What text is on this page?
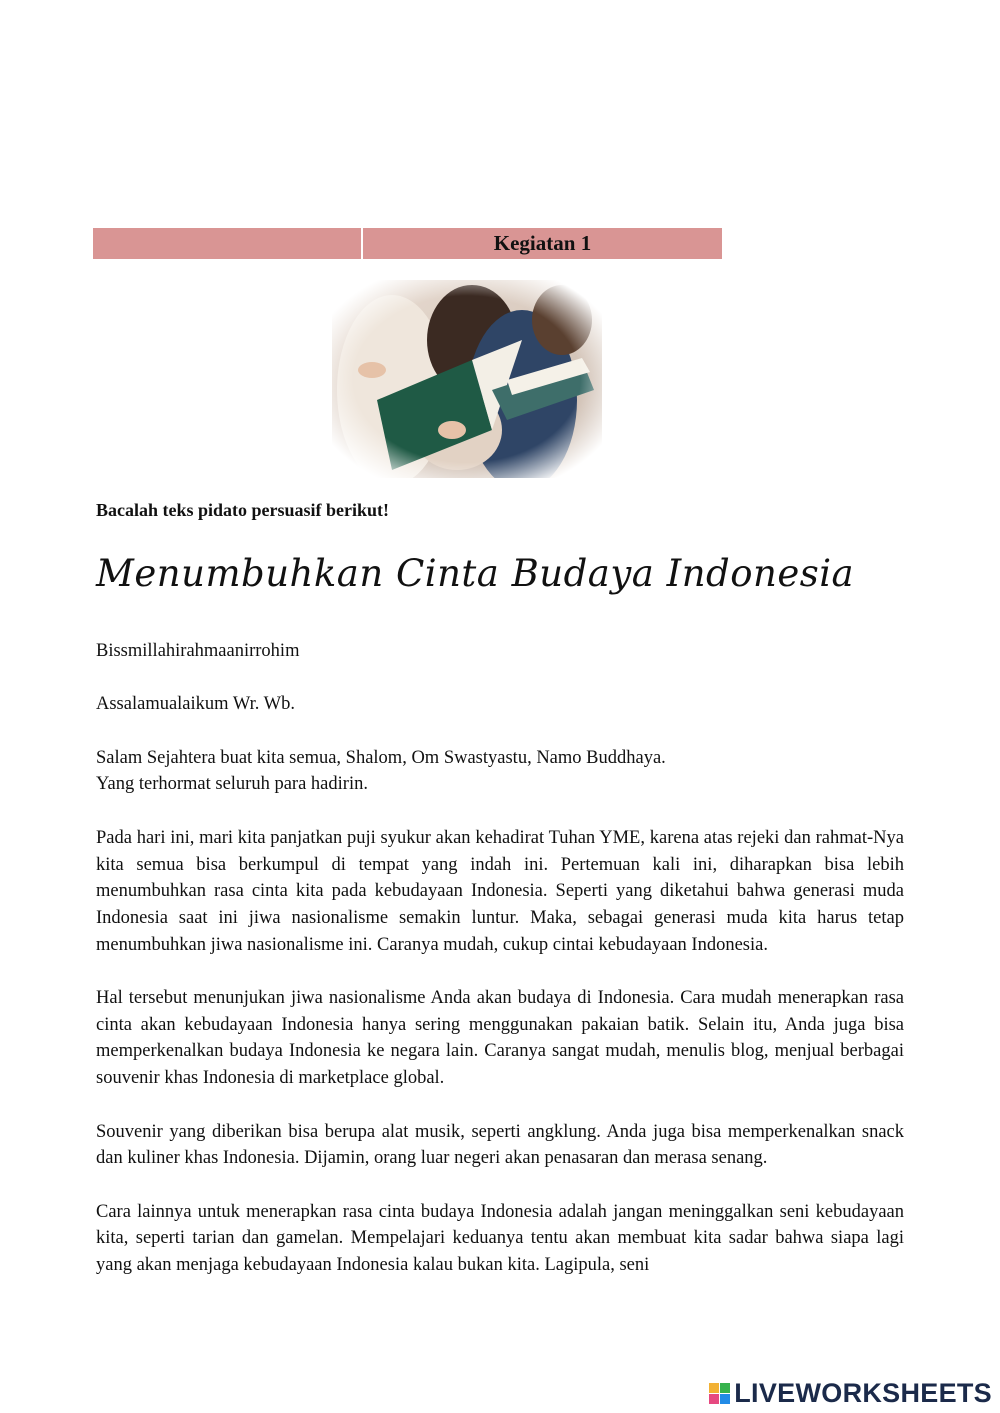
Kegiatan 1
Bacalah teks pidato persuasif berikut!
Menumbuhkan Cinta Budaya Indonesia

Bissmillahirahmaanirrohim

Assalamualaikum Wr. Wb.

Salam Sejahtera buat kita semua, Shalom, Om Swastyastu, Namo Buddhaya.

Yang terhormat seluruh para hadirin.

Pada hari ini, mari kita panjatkan puji syukur akan kehadirat Tuhan YME, karena atas rejeki dan rahmat-Nya kita semua bisa berkumpul di tempat yang indah ini. Pertemuan kali ini, diharapkan bisa lebih menumbuhkan rasa cinta kita pada kebudayaan Indonesia. Seperti yang diketahui bahwa generasi muda Indonesia saat ini jiwa nasionalisme semakin luntur. Maka, sebagai generasi muda kita harus tetap menumbuhkan jiwa nasionalisme ini. Caranya mudah, cukup cintai kebudayaan Indonesia.

Hal tersebut menunjukan jiwa nasionalisme Anda akan budaya di Indonesia. Cara mudah menerapkan rasa cinta akan kebudayaan Indonesia hanya sering menggunakan pakaian batik. Selain itu, Anda juga bisa memperkenalkan budaya Indonesia ke negara lain. Caranya sangat mudah, menulis blog, menjual berbagai souvenir khas Indonesia di marketplace global.

Souvenir yang diberikan bisa berupa alat musik, seperti angklung. Anda juga bisa memperkenalkan snack dan kuliner khas Indonesia. Dijamin, orang luar negeri akan penasaran dan merasa senang.

Cara lainnya untuk menerapkan rasa cinta budaya Indonesia adalah jangan meninggalkan seni kebudayaan kita, seperti tarian dan gamelan. Mempelajari keduanya tentu akan membuat kita sadar bahwa siapa lagi yang akan menjaga kebudayaan Indonesia kalau bukan kita. Lagipula, seni

LIVEWORKSHEETS
